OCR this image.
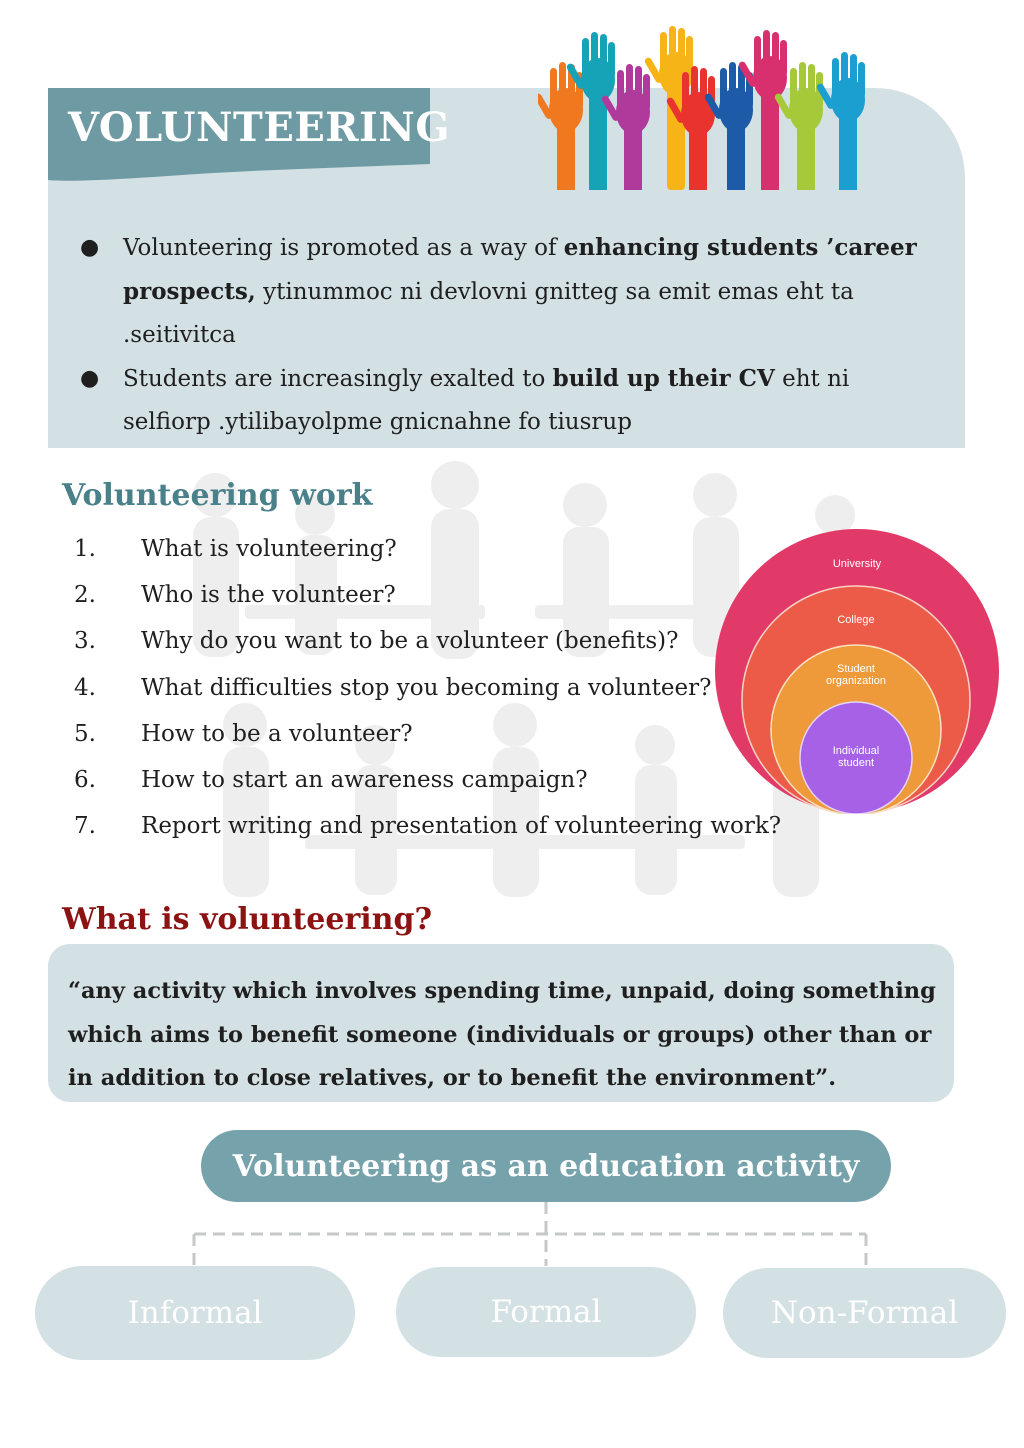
VOLUNTEERING
● Volunteering is promoted as a way of enhancing students ’career prospects, ytinummoc ni devlovni gnitteg sa emit emas eht ta .seitivitca
● Students are increasingly exalted to build up their CV eht ni selfiorp .ytilibayolpme gnicnahne fo tiusrup
Volunteering work
1.	What is volunteering?
2.	Who is the volunteer?
3.	Why do you want to be a volunteer (benefits)?
4.	What difficulties stop you becoming a volunteer?
5.	How to be a volunteer?
6.	How to start an awareness campaign?
7.	Report writing and presentation of volunteering work?
University
College
Student
organization
Individual
student
What is volunteering?

“any activity which involves spending time, unpaid, doing something which aims to benefit someone (individuals or groups) other than or in addition to close relatives, or to benefit the environment”.

Volunteering as an education activity
Informal	Formal	Non-Formal
